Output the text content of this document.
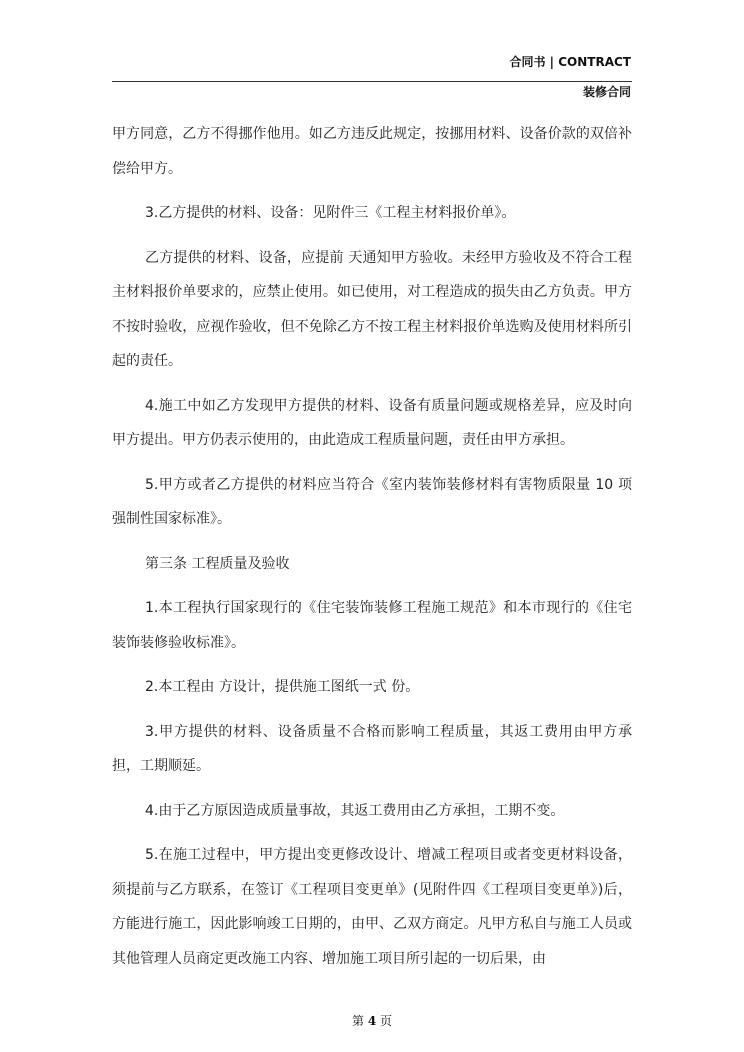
合同书 | CONTRACT
装修合同

甲方同意，乙方不得挪作他用。如乙方违反此规定，按挪用材料、设备价款的双倍补偿给甲方。

3.乙方提供的材料、设备：见附件三《工程主材料报价单》。

乙方提供的材料、设备，应提前 天通知甲方验收。未经甲方验收及不符合工程主材料报价单要求的，应禁止使用。如已使用，对工程造成的损失由乙方负责。甲方不按时验收，应视作验收，但不免除乙方不按工程主材料报价单选购及使用材料所引起的责任。

4.施工中如乙方发现甲方提供的材料、设备有质量问题或规格差异，应及时向甲方提出。甲方仍表示使用的，由此造成工程质量问题，责任由甲方承担。

5.甲方或者乙方提供的材料应当符合《室内装饰装修材料有害物质限量 10 项强制性国家标准》。

第三条 工程质量及验收

1.本工程执行国家现行的《住宅装饰装修工程施工规范》和本市现行的《住宅装饰装修验收标准》。

2.本工程由 方设计，提供施工图纸一式 份。

3.甲方提供的材料、设备质量不合格而影响工程质量，其返工费用由甲方承担，工期顺延。

4.由于乙方原因造成质量事故，其返工费用由乙方承担，工期不变。

5.在施工过程中，甲方提出变更修改设计、增减工程项目或者变更材料设备，须提前与乙方联系，在签订《工程项目变更单》(见附件四《工程项目变更单》)后，方能进行施工，因此影响竣工日期的，由甲、乙双方商定。凡甲方私自与施工人员或其他管理人员商定更改施工内容、增加施工项目所引起的一切后果，由

第 4 页
